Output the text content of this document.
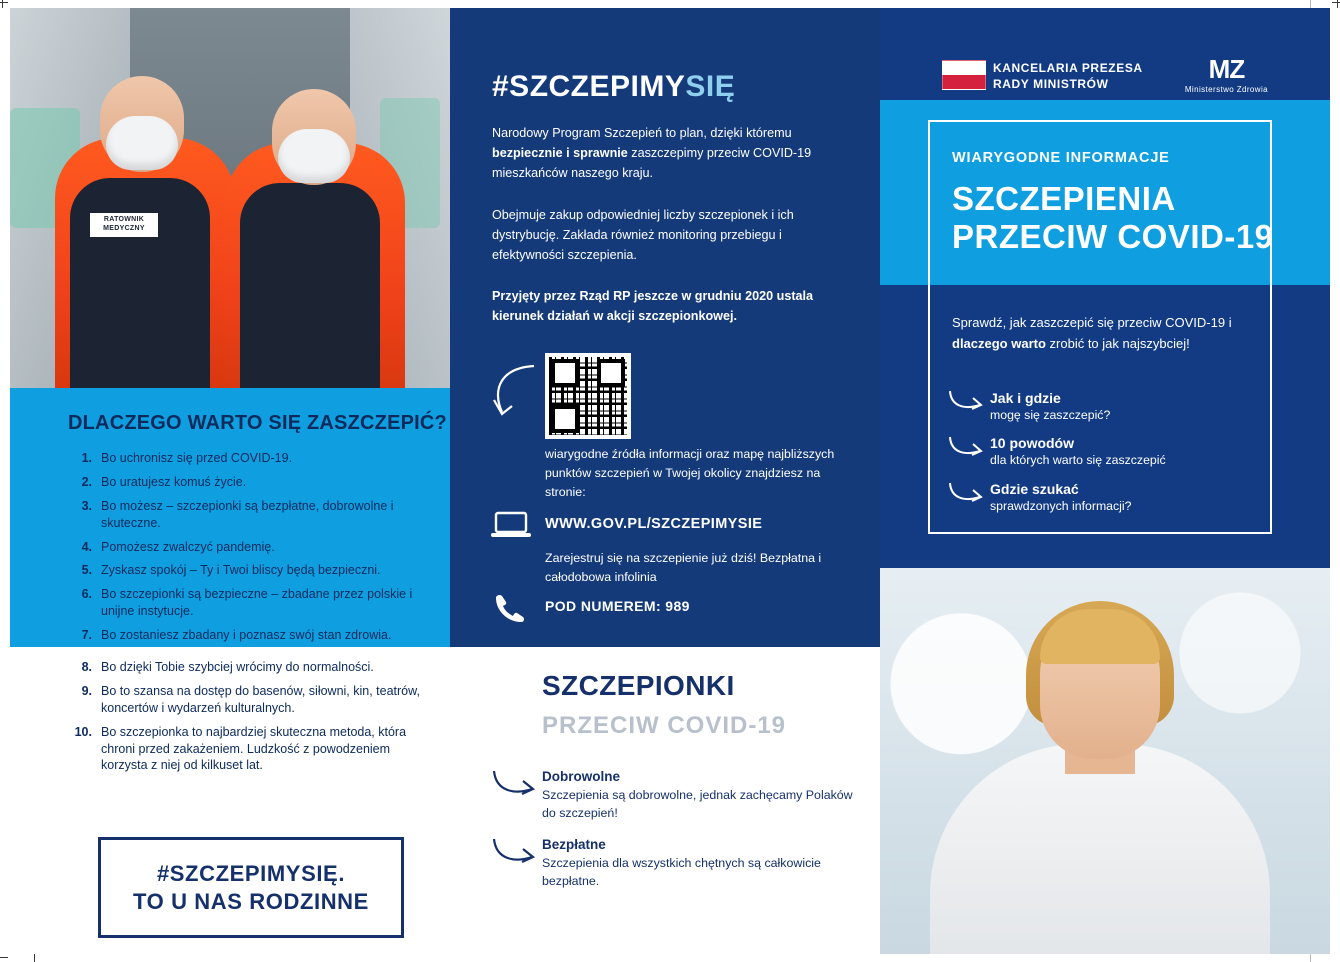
RATOWNIK
MEDYCZNY
DLACZEGO WARTO SIĘ ZASZCZEPIĆ?
1. Bo uchronisz się przed COVID-19.
2. Bo uratujesz komuś życie.
3. Bo możesz – szczepionki są bezpłatne, dobrowolne i skuteczne.
4. Pomożesz zwalczyć pandemię.
5. Zyskasz spokój – Ty i Twoi bliscy będą bezpieczni.
6. Bo szczepionki są bezpieczne – zbadane przez polskie i unijne instytucje.
7. Bo zostaniesz zbadany i poznasz swój stan zdrowia.
8. Bo dzięki Tobie szybciej wrócimy do normalności.
9. Bo to szansa na dostęp do basenów, siłowni, kin, teatrów, koncertów i wydarzeń kulturalnych.
10. Bo szczepionka to najbardziej skuteczna metoda, która chroni przed zakażeniem. Ludzkość z powodzeniem korzysta z niej od kilkuset lat.
#SZCZEPIMYSIĘ.
TO U NAS RODZINNE
#SZCZEPIMYSIĘ
Narodowy Program Szczepień to plan, dzięki któremu bezpiecznie i sprawnie zaszczepimy przeciw COVID-19 mieszkańców naszego kraju.
Obejmuje zakup odpowiedniej liczby szczepionek i ich dystrybucję. Zakłada również monitoring przebiegu i efektywności szczepienia.
Przyjęty przez Rząd RP jeszcze w grudniu 2020 ustala kierunek działań w akcji szczepionkowej.
wiarygodne źródła informacji oraz mapę najbliższych punktów szczepień w Twojej okolicy znajdziesz na stronie:
WWW.GOV.PL/SZCZEPIMYSIE
Zarejestruj się na szczepienie już dziś! Bezpłatna i całodobowa infolinia
POD NUMEREM: 989
SZCZEPIONKI
PRZECIW COVID-19
Dobrowolne
Szczepienia są dobrowolne, jednak zachęcamy Polaków do szczepień!
Bezpłatne
Szczepienia dla wszystkich chętnych są całkowicie bezpłatne.
KANCELARIA PREZESA
RADY MINISTRÓW
MZ
Ministerstwo Zdrowia
WIARYGODNE INFORMACJE
SZCZEPIENIA
PRZECIW COVID-19
Sprawdź, jak zaszczepić się przeciw COVID-19 i dlaczego warto zrobić to jak najszybciej!
Jak i gdzie
mogę się zaszczepić?
10 powodów
dla których warto się zaszczepić
Gdzie szukać
sprawdzonych informacji?
